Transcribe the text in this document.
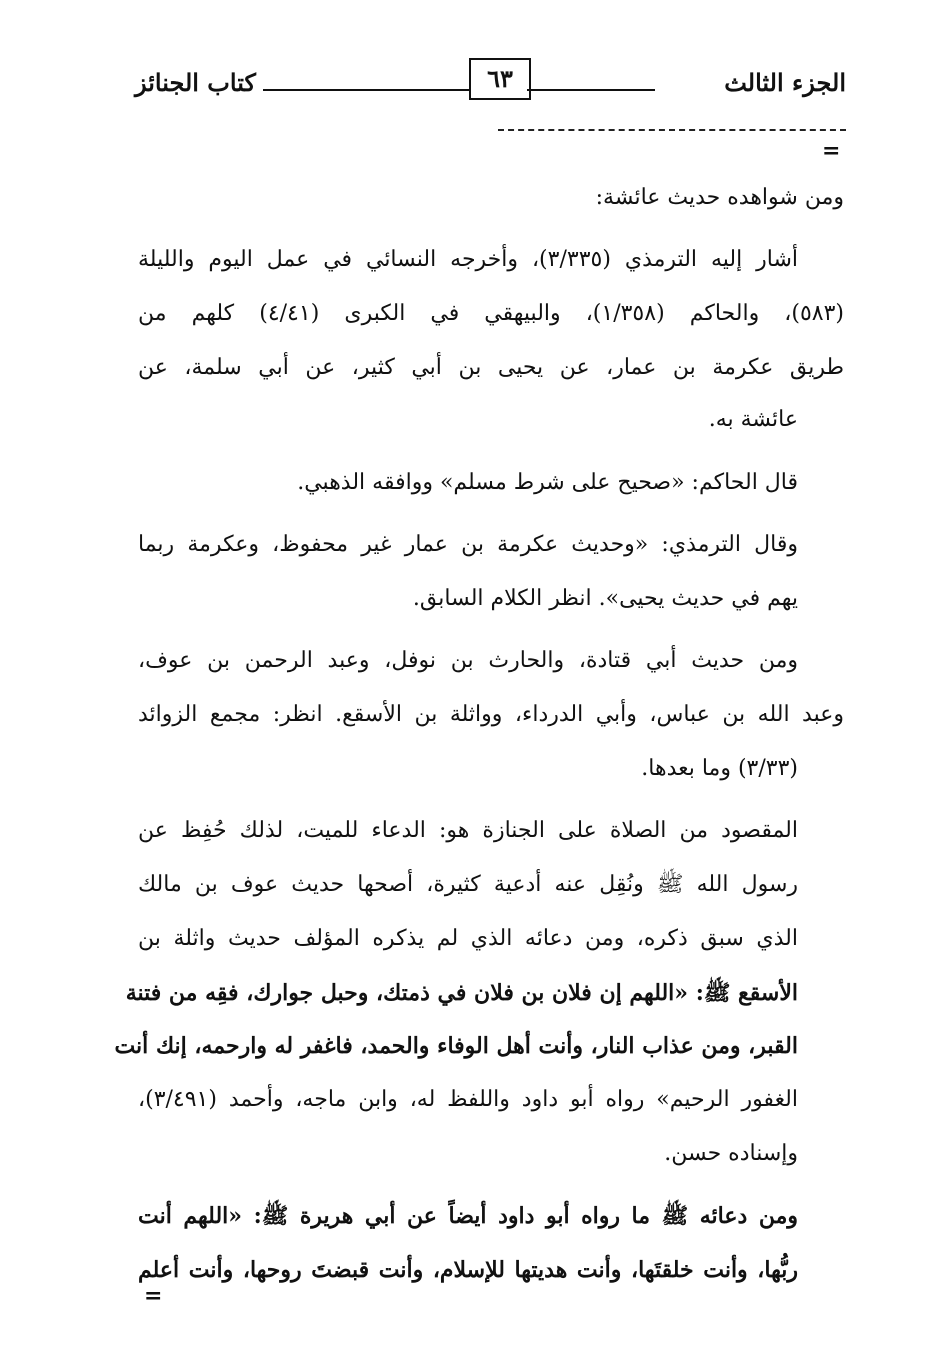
الجزء الثالث
٦٣
كتاب الجنائز
=
ومن شواهده حديث عائشة:
أشار إليه الترمذي (٣/٣٣٥)، وأخرجه النسائي في عمل اليوم والليلة
(٥٨٣)، والحاكم (١/٣٥٨)، والبيهقي في الكبرى (٤/٤١) كلهم من
طريق عكرمة بن عمار، عن يحيى بن أبي كثير، عن أبي سلمة، عن
عائشة به.
قال الحاكم: «صحيح على شرط مسلم» ووافقه الذهبي.
وقال الترمذي: «وحديث عكرمة بن عمار غير محفوظ، وعكرمة ربما
يهم في حديث يحيى». انظر الكلام السابق.
ومن حديث أبي قتادة، والحارث بن نوفل، وعبد الرحمن بن عوف،
وعبد الله بن عباس، وأبي الدرداء، وواثلة بن الأسقع. انظر: مجمع الزوائد
(٣/٣٣) وما بعدها.
المقصود من الصلاة على الجنازة هو: الدعاء للميت، لذلك حُفِظ عن
رسول الله ﷺ ونُقِل عنه أدعية كثيرة، أصحها حديث عوف بن مالك
الذي سبق ذكره، ومن دعائه الذي لم يذكره المؤلف حديث واثلة بن
الأسقع ﷺ: «اللهم إن فلان بن فلان في ذمتك، وحبل جوارك، فقِه من فتنة
القبر، ومن عذاب النار، وأنت أهل الوفاء والحمد، فاغفر له وارحمه، إنك أنت
الغفور الرحيم» رواه أبو داود واللفظ له، وابن ماجه، وأحمد (٣/٤٩١)،
وإسناده حسن.
ومن دعائه ﷺ ما رواه أبو داود أيضاً عن أبي هريرة ﷺ: «اللهم أنت
ربُّها، وأنت خلقتَها، وأنت هديتها للإسلام، وأنت قبضتَ روحها، وأنت أعلم
=
